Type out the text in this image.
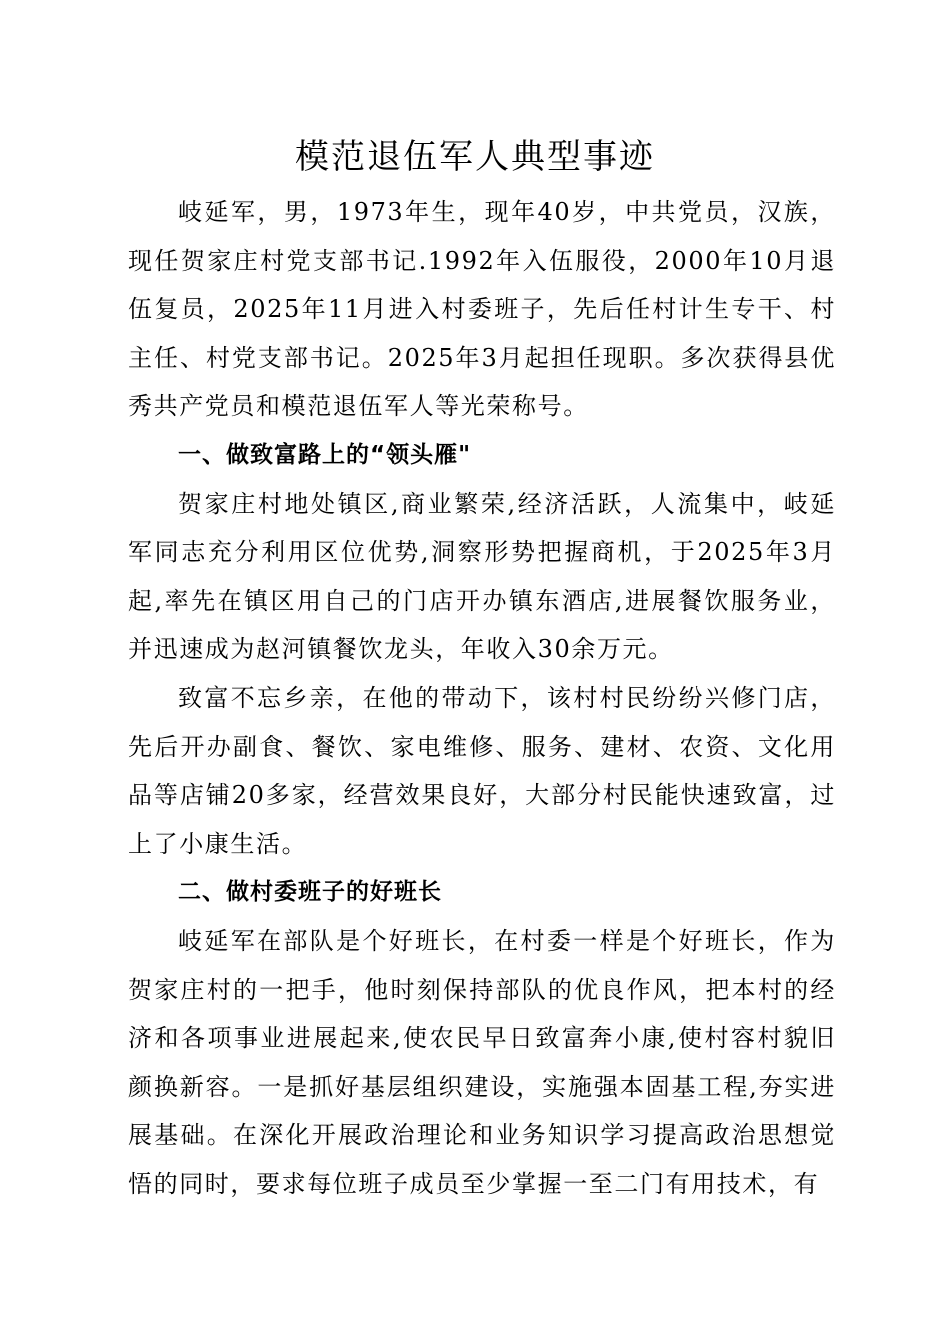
模范退伍军人典型事迹

岐延军，男，1973年生，现年40岁，中共党员，汉族，现任贺家庄村党支部书记.1992年入伍服役，2000年10月退伍复员，2025年11月进入村委班子，先后任村计生专干、村主任、村党支部书记。2025年3月起担任现职。多次获得县优秀共产党员和模范退伍军人等光荣称号。

一、做致富路上的“领头雁"

贺家庄村地处镇区,商业繁荣,经济活跃，人流集中，岐延军同志充分利用区位优势,洞察形势把握商机，于2025年3月起,率先在镇区用自己的门店开办镇东酒店,进展餐饮服务业，并迅速成为赵河镇餐饮龙头，年收入30余万元。

致富不忘乡亲，在他的带动下，该村村民纷纷兴修门店，先后开办副食、餐饮、家电维修、服务、建材、农资、文化用品等店铺20多家，经营效果良好，大部分村民能快速致富，过上了小康生活。

二、做村委班子的好班长

岐延军在部队是个好班长，在村委一样是个好班长，作为贺家庄村的一把手，他时刻保持部队的优良作风，把本村的经济和各项事业进展起来,使农民早日致富奔小康,使村容村貌旧颜换新容。一是抓好基层组织建设，实施强本固基工程,夯实进展基础。在深化开展政治理论和业务知识学习提高政治思想觉悟的同时，要求每位班子成员至少掌握一至二门有用技术，有
